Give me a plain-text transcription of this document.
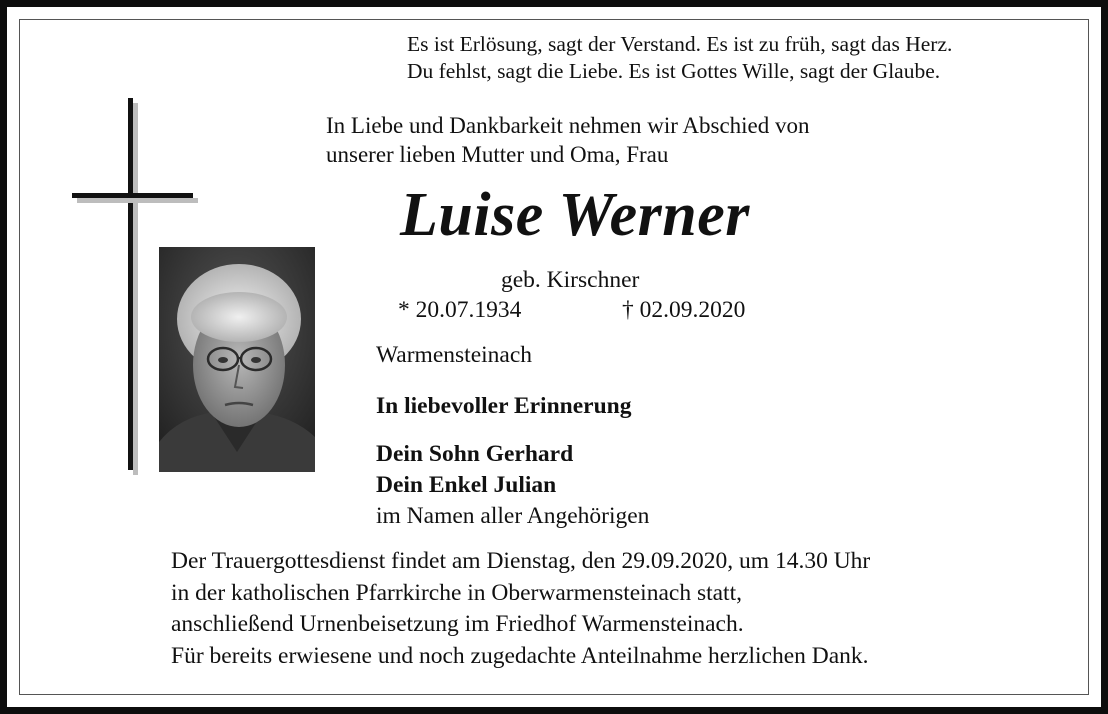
Es ist Erlösung, sagt der Verstand. Es ist zu früh, sagt das Herz.

Du fehlst, sagt die Liebe. Es ist Gottes Wille, sagt der Glaube.

In Liebe und Dankbarkeit nehmen wir Abschied von

unserer lieben Mutter und Oma, Frau

Luise Werner

geb. Kirschner

* 20.07.1934	† 02.09.2020

Warmensteinach

In liebevoller Erinnerung

Dein Sohn Gerhard

Dein Enkel Julian

im Namen aller Angehörigen

Der Trauergottesdienst findet am Dienstag, den 29.09.2020, um 14.30 Uhr

in der katholischen Pfarrkirche in Oberwarmensteinach statt,

anschließend Urnenbeisetzung im Friedhof Warmensteinach.

Für bereits erwiesene und noch zugedachte Anteilnahme herzlichen Dank.
